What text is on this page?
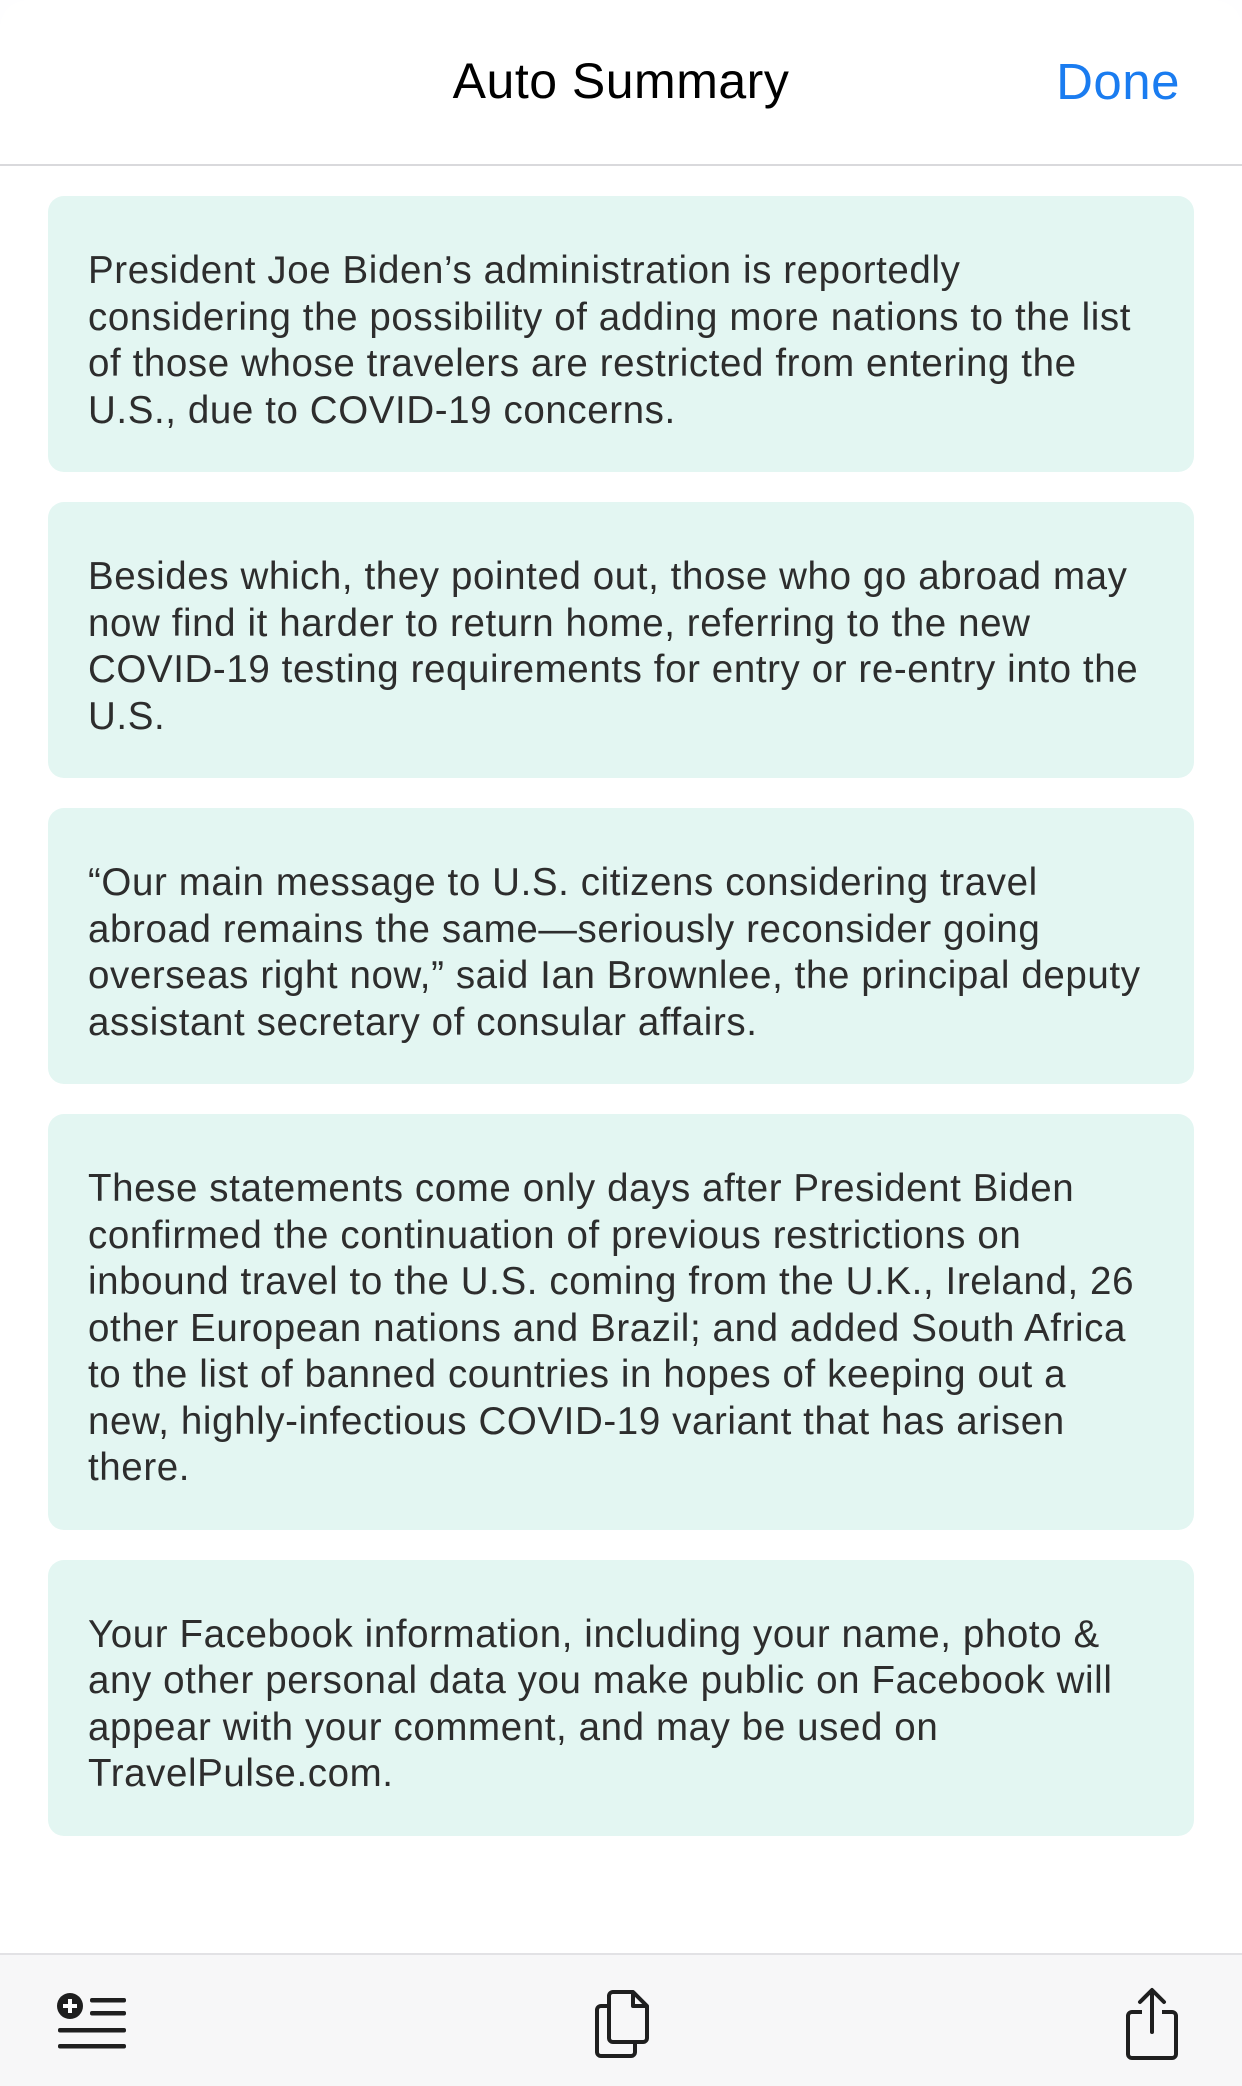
Auto Summary	Done

President Joe Biden’s administration is reportedly considering the possibility of adding more nations to the list of those whose travelers are restricted from entering the U.S., due to COVID-19 concerns.

Besides which, they pointed out, those who go abroad may now find it harder to return home, referring to the new COVID-19 testing requirements for entry or re-entry into the U.S.

“Our main message to U.S. citizens considering travel abroad remains the same—seriously reconsider going overseas right now,” said Ian Brownlee, the principal deputy assistant secretary of consular affairs.

These statements come only days after President Biden confirmed the continuation of previous restrictions on inbound travel to the U.S. coming from the U.K., Ireland, 26 other European nations and Brazil; and added South Africa to the list of banned countries in hopes of keeping out a new, highly-infectious COVID-19 variant that has arisen there.

Your Facebook information, including your name, photo & any other personal data you make public on Facebook will appear with your comment, and may be used on TravelPulse.com.
